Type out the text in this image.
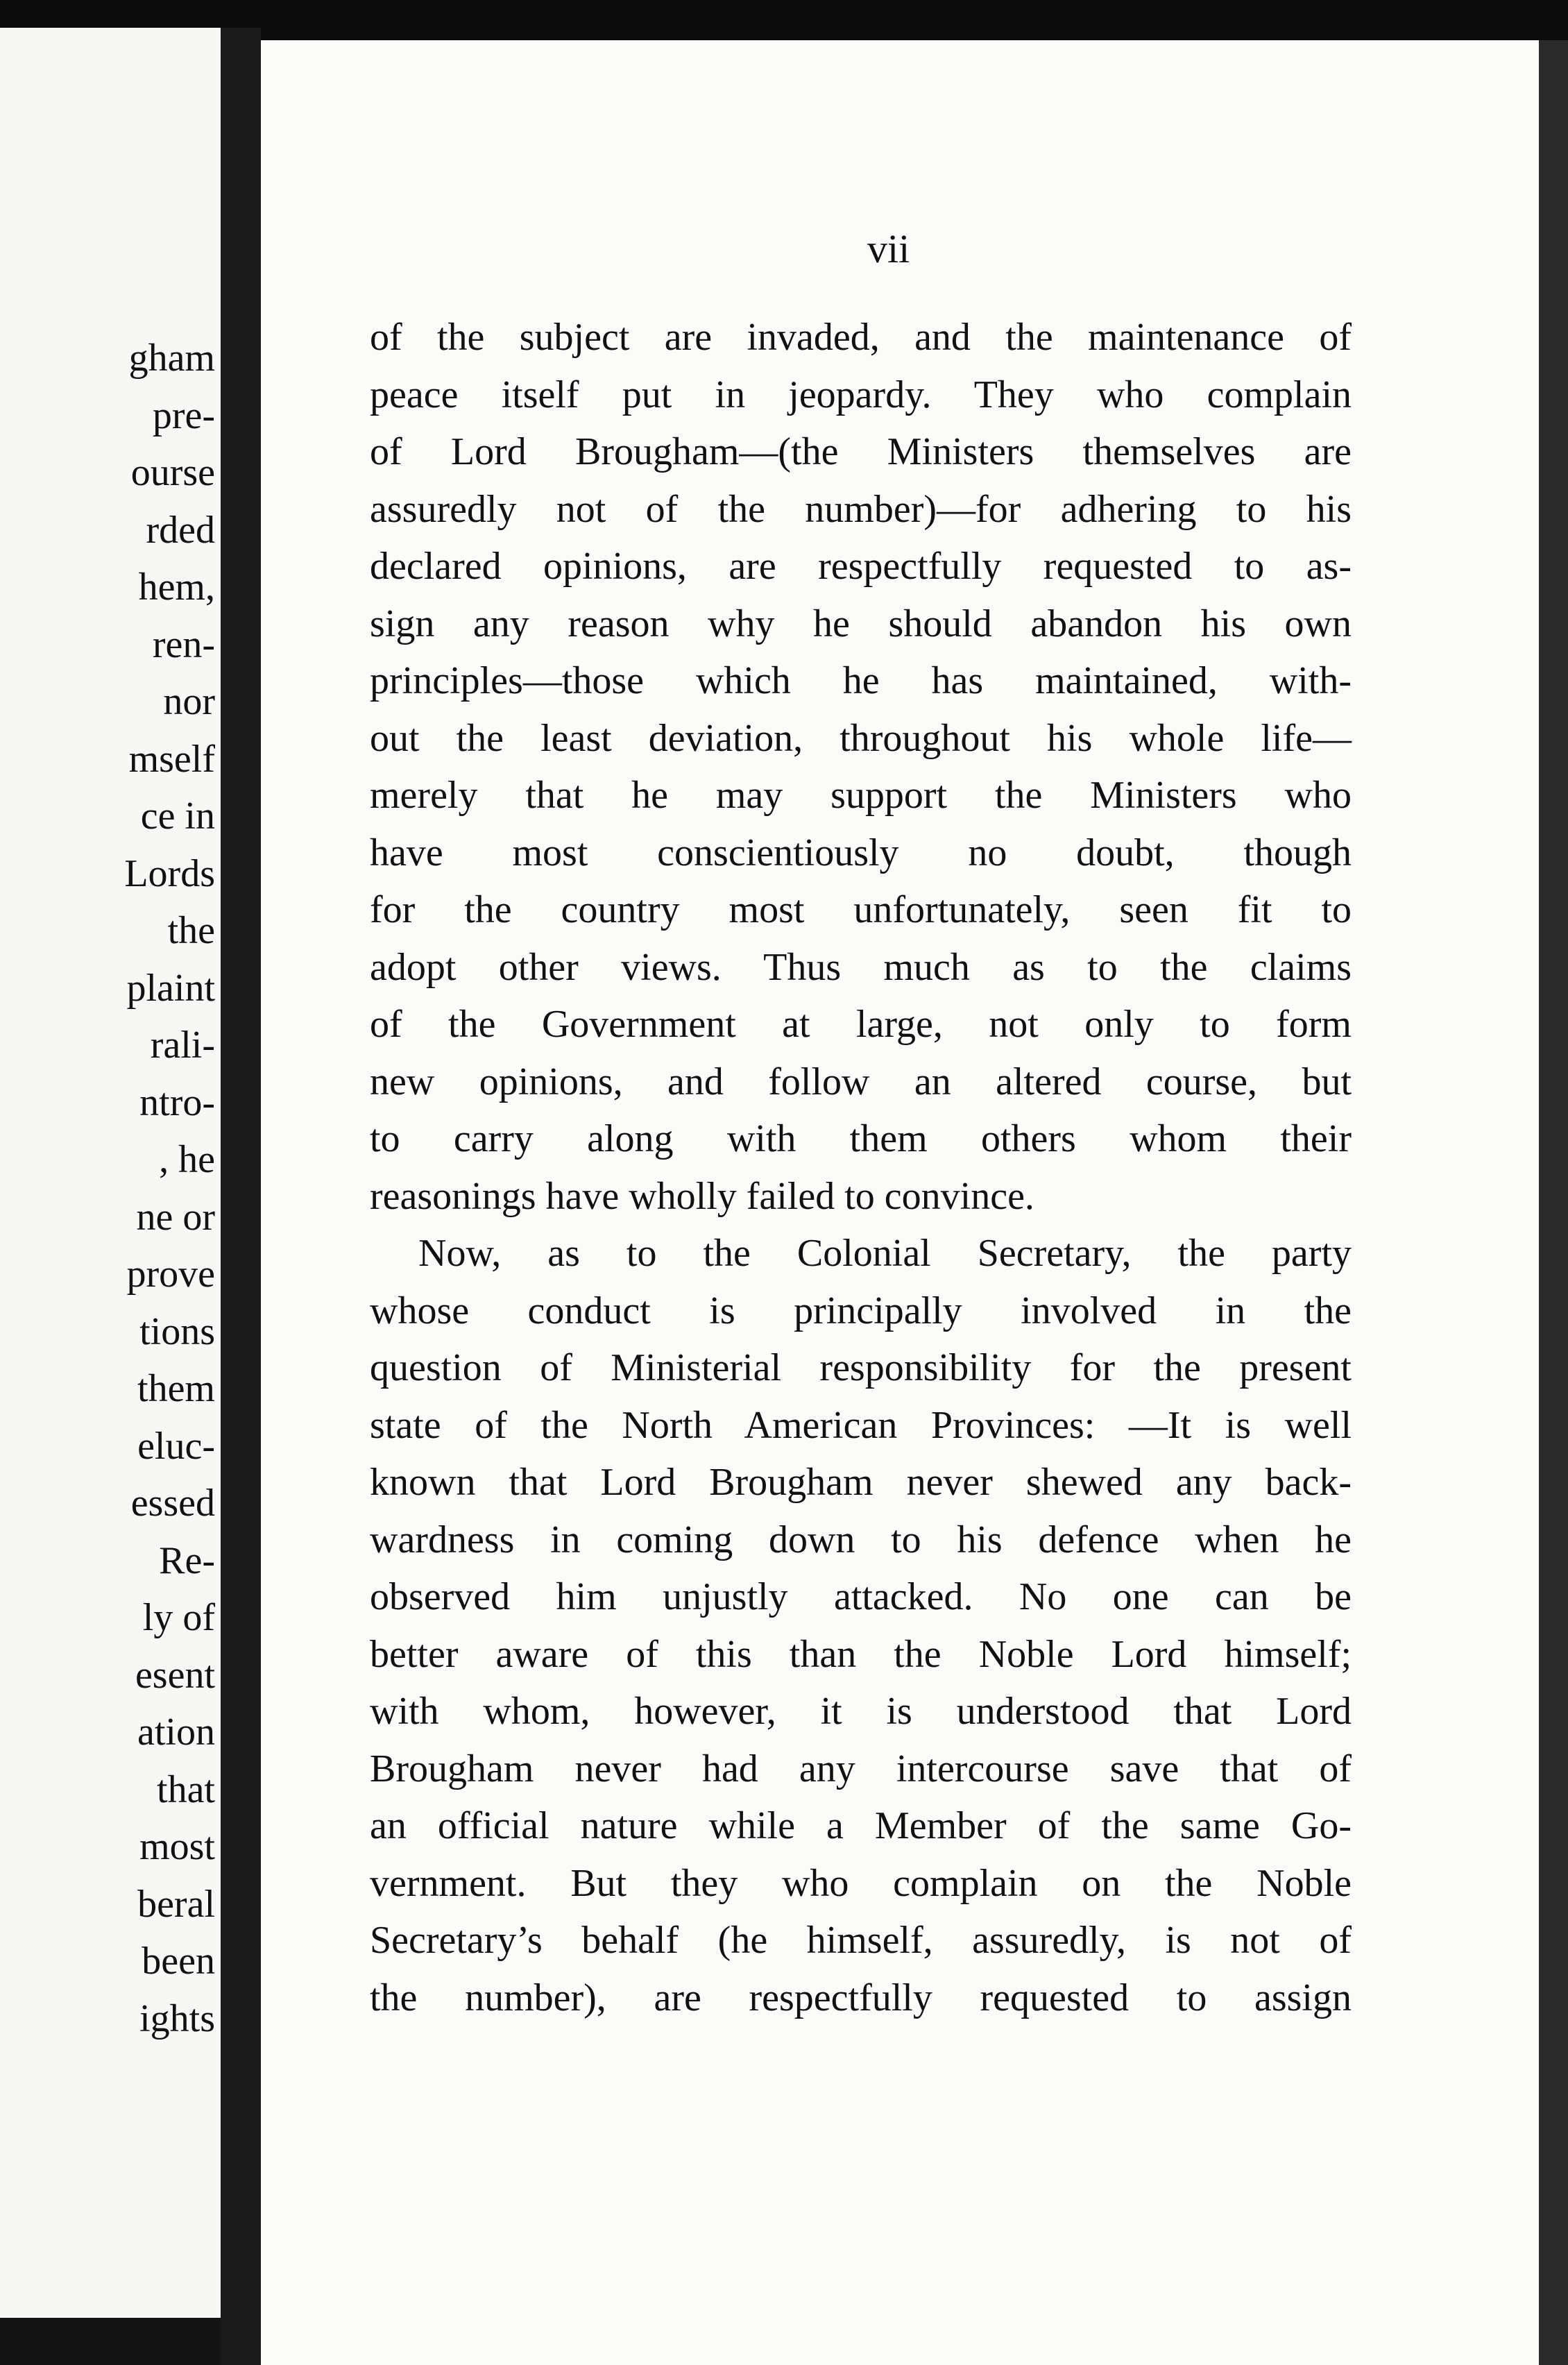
gham
pre-
ourse
rded
hem,
ren-
nor
mself
ce in
Lords
the
plaint
rali-
ntro-
, he
ne or
prove
tions
them
eluc-
essed
Re-
ly of
esent
ation
that
most
beral
been
ights
vii
of the subject are invaded, and the maintenance of
peace itself put in jeopardy. They who complain
of Lord Brougham—(the Ministers themselves are
assuredly not of the number)—for adhering to his
declared opinions, are respectfully requested to as-
sign any reason why he should abandon his own
principles—those which he has maintained, with-
out the least deviation, throughout his whole life—
merely that he may support the Ministers who
have most conscientiously no doubt, though
for the country most unfortunately, seen fit to
adopt other views. Thus much as to the claims
of the Government at large, not only to form
new opinions, and follow an altered course, but
to carry along with them others whom their
reasonings have wholly failed to convince.
Now, as to the Colonial Secretary, the party
whose conduct is principally involved in the
question of Ministerial responsibility for the present
state of the North American Provinces: —It is well
known that Lord Brougham never shewed any back-
wardness in coming down to his defence when he
observed him unjustly attacked. No one can be
better aware of this than the Noble Lord himself;
with whom, however, it is understood that Lord
Brougham never had any intercourse save that of
an official nature while a Member of the same Go-
vernment. But they who complain on the Noble
Secretary’s behalf (he himself, assuredly, is not of
the number), are respectfully requested to assign
